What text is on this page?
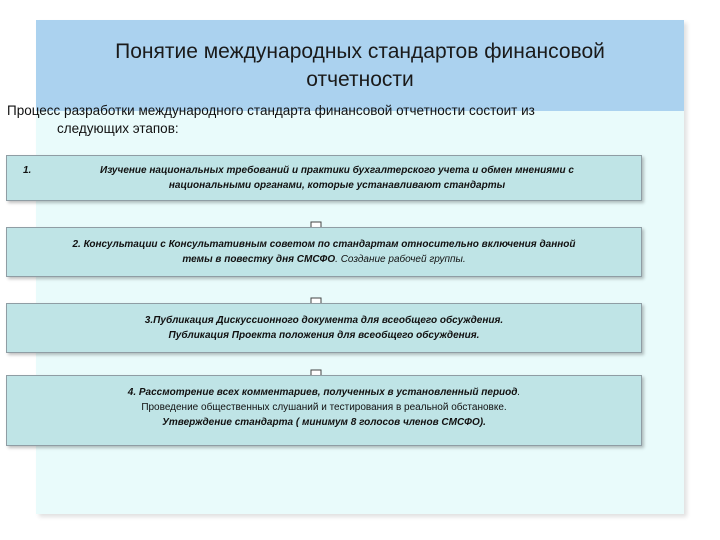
Понятие международных стандартов финансовой
отчетности
Процесс разработки международного стандарта финансовой отчетности состоит из
следующих этапов:
1.	Изучение национальных требований и практики бухгалтерского учета и обмен мнениями с
национальными органами, которые устанавливают стандарты
2. Консультации с Консультативным советом по стандартам относительно включения данной
темы в повестку дня СМСФО. Создание рабочей группы.
3.Публикация Дискуссионного документа для всеобщего обсуждения.
Публикация Проекта положения для всеобщего обсуждения.
4. Рассмотрение всех комментариев, полученных в установленный период.
Проведение общественных слушаний и тестирования в реальной обстановке.
Утверждение стандарта ( минимум 8 голосов членов СМСФО).
